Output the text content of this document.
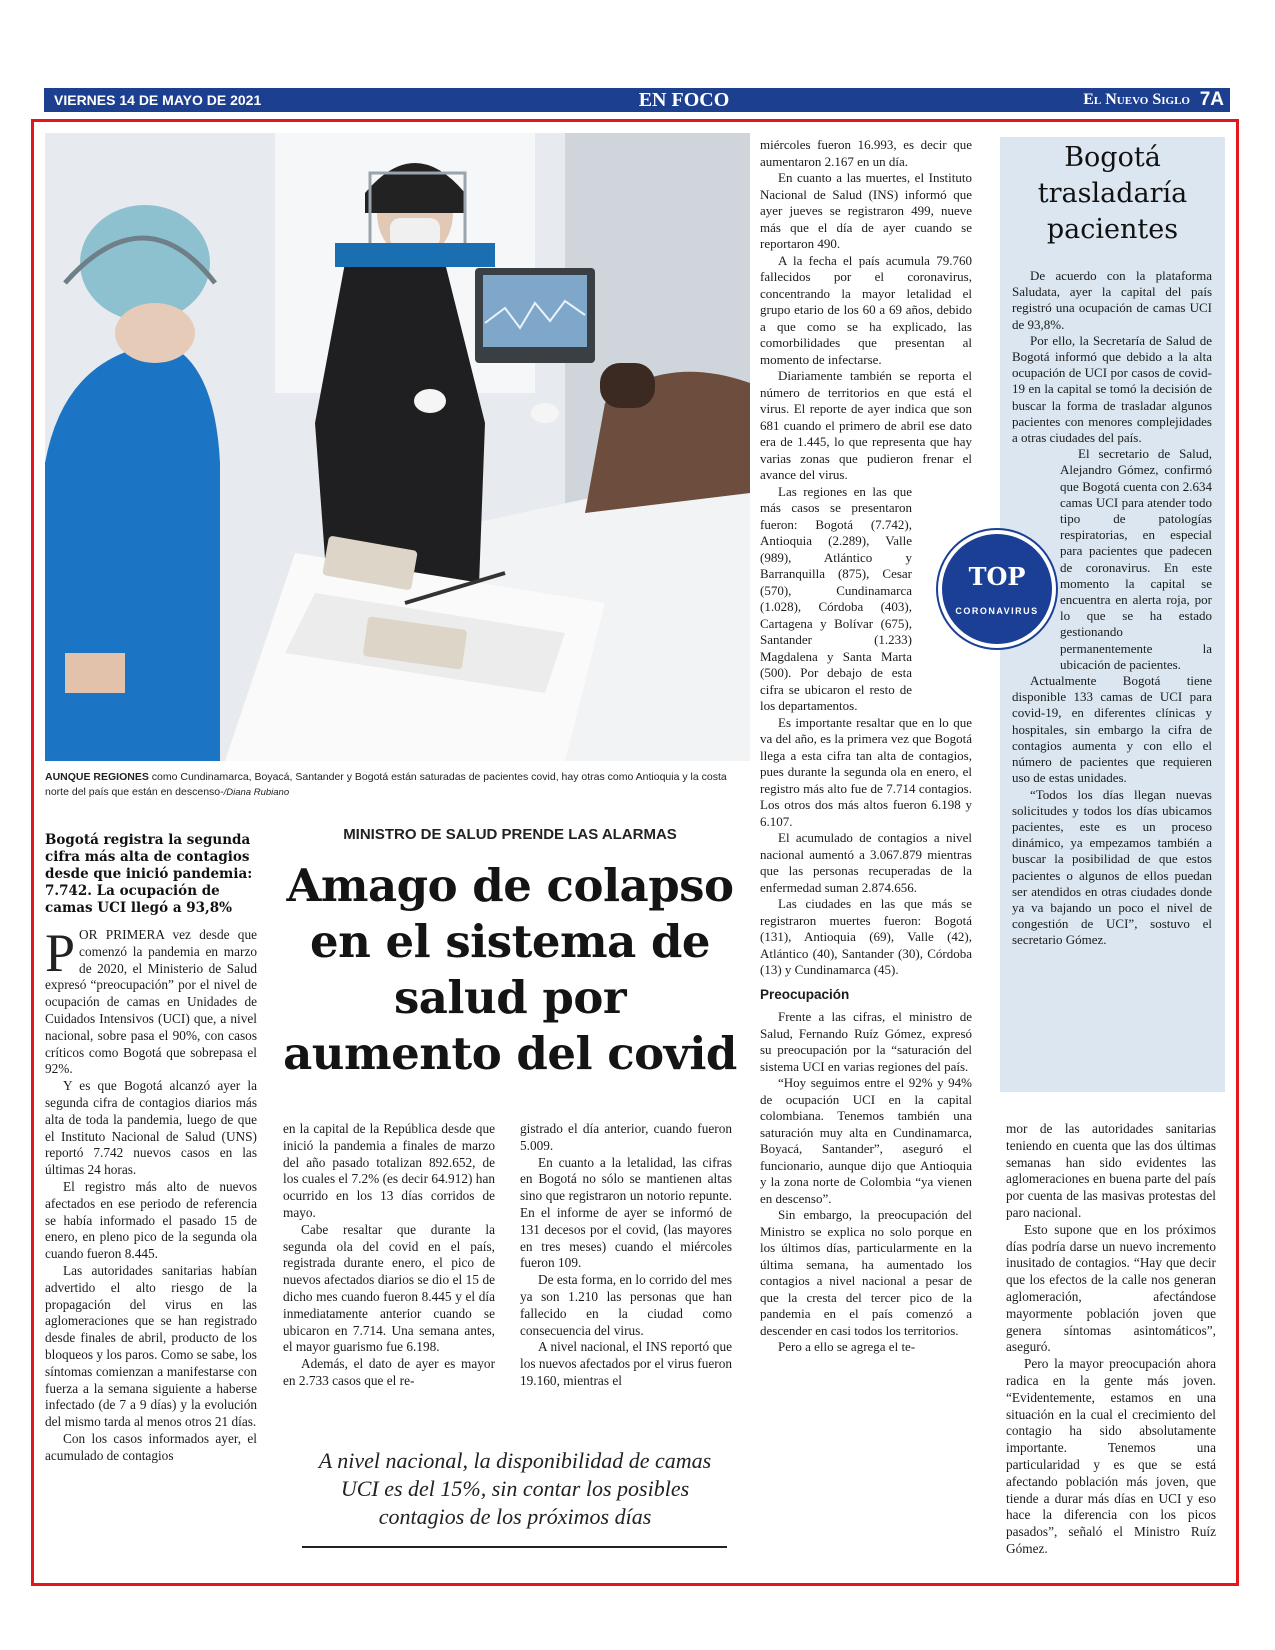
VIERNES 14 DE MAYO DE 2021	EN FOCO	El Nuevo Siglo 7A
AUNQUE REGIONES como Cundinamarca, Boyacá, Santander y Bogotá están saturadas de pacientes covid, hay otras como Antioquia y la costa norte del país que están en descenso-/Diana Rubiano
Bogotá registra la segunda cifra más alta de contagios desde que inició pandemia: 7.742. La ocupación de camas UCI llegó a 93,8%
MINISTRO DE SALUD PRENDE LAS ALARMAS
Amago de colapso en el sistema de salud por aumento del covid

POR PRIMERA vez desde que comenzó la pandemia en marzo de 2020, el Ministerio de Salud expresó “preocupación” por el nivel de ocupación de camas en Unidades de Cuidados Intensivos (UCI) que, a nivel nacional, sobre pasa el 90%, con casos críticos como Bogotá que sobrepasa el 92%.

Y es que Bogotá alcanzó ayer la segunda cifra de contagios diarios más alta de toda la pandemia, luego de que el Instituto Nacional de Salud (UNS) reportó 7.742 nuevos casos en las últimas 24 horas.

El registro más alto de nuevos afectados en ese periodo de referencia se había informado el pasado 15 de enero, en pleno pico de la segunda ola cuando fueron 8.445.

Las autoridades sanitarias habían advertido el alto riesgo de la propagación del virus en las aglomeraciones que se han registrado desde finales de abril, producto de los bloqueos y los paros. Como se sabe, los síntomas comienzan a manifestarse con fuerza a la semana siguiente a haberse infectado (de 7 a 9 días) y la evolución del mismo tarda al menos otros 21 días.

Con los casos informados ayer, el acumulado de contagios

en la capital de la República desde que inició la pandemia a finales de marzo del año pasado totalizan 892.652, de los cuales el 7.2% (es decir 64.912) han ocurrido en los 13 días corridos de mayo.

Cabe resaltar que durante la segunda ola del covid en el país, registrada durante enero, el pico de nuevos afectados diarios se dio el 15 de dicho mes cuando fueron 8.445 y el día inmediatamente anterior cuando se ubicaron en 7.714. Una semana antes, el mayor guarismo fue 6.198.

Además, el dato de ayer es mayor en 2.733 casos que el re-

gistrado el día anterior, cuando fueron 5.009.

En cuanto a la letalidad, las cifras en Bogotá no sólo se mantienen altas sino que registraron un notorio repunte. En el informe de ayer se informó de 131 decesos por el covid, (las mayores en tres meses) cuando el miércoles fueron 109.

De esta forma, en lo corrido del mes ya son 1.210 las personas que han fallecido en la ciudad como consecuencia del virus.

A nivel nacional, el INS reportó que los nuevos afectados por el virus fueron 19.160, mientras el

A nivel nacional, la disponibilidad de camas UCI es del 15%, sin contar los posibles contagios de los próximos días

miércoles fueron 16.993, es decir que aumentaron 2.167 en un día.

En cuanto a las muertes, el Instituto Nacional de Salud (INS) informó que ayer jueves se registraron 499, nueve más que el día de ayer cuando se reportaron 490.

A la fecha el país acumula 79.760 fallecidos por el coronavirus, concentrando la mayor letalidad el grupo etario de los 60 a 69 años, debido a que como se ha explicado, las comorbilidades que presentan al momento de infectarse.

Diariamente también se reporta el número de territorios en que está el virus. El reporte de ayer indica que son 681 cuando el primero de abril ese dato era de 1.445, lo que representa que hay varias zonas que pudieron frenar el avance del virus.

Las regiones en las que más casos se presentaron fueron: Bogotá (7.742), Antioquia (2.289), Valle (989), Atlántico y Barranquilla (875), Cesar (570), Cundinamarca (1.028), Córdoba (403), Cartagena y Bolívar (675), Santander (1.233) Magdalena y Santa Marta (500). Por debajo de esta cifra se ubicaron el resto de los departamentos.

Es importante resaltar que en lo que va del año, es la primera vez que Bogotá llega a esta cifra tan alta de contagios, pues durante la segunda ola en enero, el registro más alto fue de 7.714 contagios. Los otros dos más altos fueron 6.198 y 6.107.

El acumulado de contagios a nivel nacional aumentó a 3.067.879 mientras que las personas recuperadas de la enfermedad suman 2.874.656.

Las ciudades en las que más se registraron muertes fueron: Bogotá (131), Antioquia (69), Valle (42), Atlántico (40), Santander (30), Córdoba (13) y Cundinamarca (45).

Preocupación

Frente a las cifras, el ministro de Salud, Fernando Ruíz Gómez, expresó su preocupación por la “saturación del sistema UCI en varias regiones del país.

“Hoy seguimos entre el 92% y 94% de ocupación UCI en la capital colombiana. Tenemos también una saturación muy alta en Cundinamarca, Boyacá, Santander”, aseguró el funcionario, aunque dijo que Antioquia y la zona norte de Colombia “ya vienen en descenso”.

Sin embargo, la preocupación del Ministro se explica no solo porque en los últimos días, particularmente en la última semana, ha aumentado los contagios a nivel nacional a pesar de que la cresta del tercer pico de la pandemia en el país comenzó a descender en casi todos los territorios.

Pero a ello se agrega el te-

Bogotá trasladaría pacientes

De acuerdo con la plataforma Saludata, ayer la capital del país registró una ocupación de camas UCI de 93,8%.

Por ello, la Secretaría de Salud de Bogotá informó que debido a la alta ocupación de UCI por casos de covid-19 en la capital se tomó la decisión de buscar la forma de trasladar algunos pacientes con menores complejidades a otras ciudades del país.

El secretario de Salud, Alejandro Gómez, confirmó que Bogotá cuenta con 2.634 camas UCI para atender todo tipo de patologías respiratorias, en especial para pacientes que padecen de coronavirus. En este momento la capital se encuentra en alerta roja, por lo que se ha estado gestionando permanentemente la ubicación de pacientes.

Actualmente Bogotá tiene disponible 133 camas de UCI para covid-19, en diferentes clínicas y hospitales, sin embargo la cifra de contagios aumenta y con ello el número de pacientes que requieren uso de estas unidades.

“Todos los días llegan nuevas solicitudes y todos los días ubicamos pacientes, este es un proceso dinámico, ya empezamos también a buscar la posibilidad de que estos pacientes o algunos de ellos puedan ser atendidos en otras ciudades donde ya va bajando un poco el nivel de congestión de UCI”, sostuvo el secretario Gómez.

TOP
CORONAVIRUS

mor de las autoridades sanitarias teniendo en cuenta que las dos últimas semanas han sido evidentes las aglomeraciones en buena parte del país por cuenta de las masivas protestas del paro nacional.

Esto supone que en los próximos días podría darse un nuevo incremento inusitado de contagios. “Hay que decir que los efectos de la calle nos generan aglomeración, afectándose mayormente población joven que genera síntomas asintomáticos”, aseguró.

Pero la mayor preocupación ahora radica en la gente más joven. “Evidentemente, estamos en una situación en la cual el crecimiento del contagio ha sido absolutamente importante. Tenemos una particularidad y es que se está afectando población más joven, que tiende a durar más días en UCI y eso hace la diferencia con los picos pasados”, señaló el Ministro Ruíz Gómez.
